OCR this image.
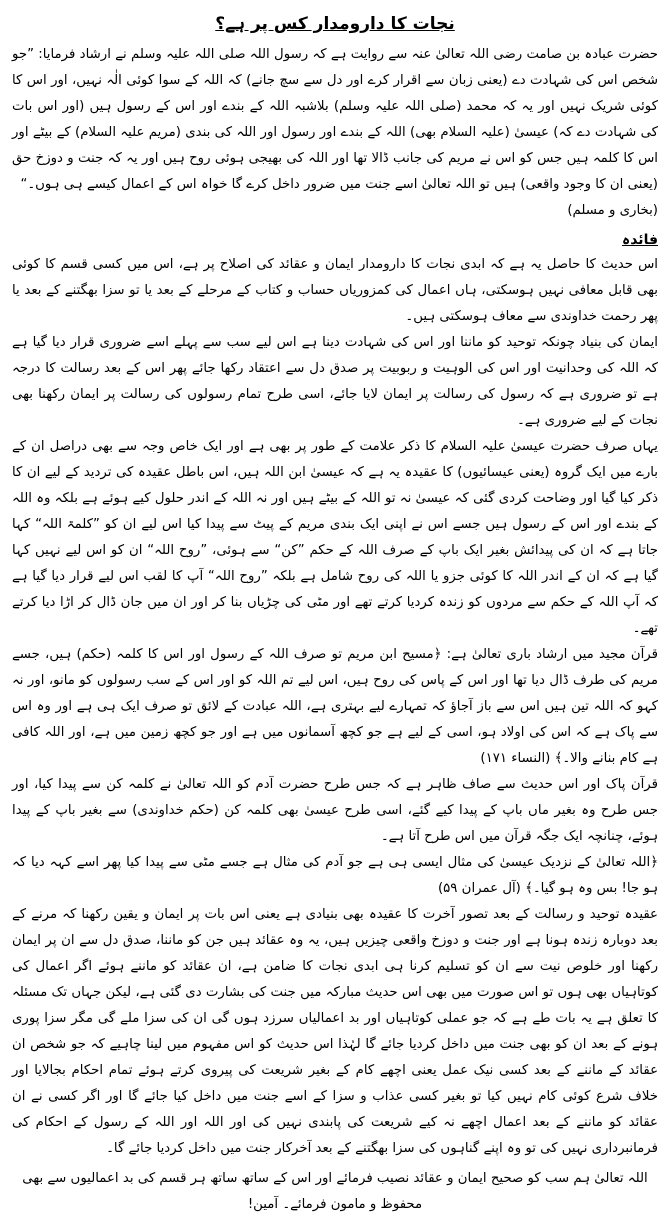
نجات کا دارومدار کس پر ہے؟

حضرت عبادہ بن صامت رضی اللہ تعالیٰ عنہ سے روایت ہے کہ رسول اللہ صلی اللہ علیہ وسلم نے ارشاد فرمایا: ”جو شخص اس کی شہادت دے (یعنی زبان سے اقرار کرے اور دل سے سچ جانے) کہ اللہ کے سوا کوئی الٰہ نہیں، اور اس کا کوئی شریک نہیں اور یہ کہ محمد (صلی اللہ علیہ وسلم) بلاشبہ اللہ کے بندے اور اس کے رسول ہیں (اور اس بات کی شہادت دے کہ) عیسیٰ (علیہ السلام بھی) اللہ کے بندے اور رسول اور اللہ کی بندی (مریم علیہ السلام) کے بیٹے اور اس کا کلمہ ہیں جس کو اس نے مریم کی جانب ڈالا تھا اور اللہ کی بھیجی ہوئی روح ہیں اور یہ کہ جنت و دوزخ حق (یعنی ان کا وجود واقعی) ہیں تو اللہ تعالیٰ اسے جنت میں ضرور داخل کرے گا خواہ اس کے اعمال کیسے ہی ہوں۔“

(بخاری و مسلم)

فائدہ

اس حدیث کا حاصل یہ ہے کہ ابدی نجات کا دارومدار ایمان و عقائد کی اصلاح پر ہے، اس میں کسی قسم کا کوئی بھی قابل معافی نہیں ہوسکتی، ہاں اعمال کی کمزوریاں حساب و کتاب کے مرحلے کے بعد یا تو سزا بھگتنے کے بعد یا پھر رحمت خداوندی سے معاف ہوسکتی ہیں۔

ایمان کی بنیاد چونکہ توحید کو ماننا اور اس کی شہادت دینا ہے اس لیے سب سے پہلے اسے ضروری قرار دیا گیا ہے کہ اللہ کی وحدانیت اور اس کی الوہیت و ربوبیت پر صدق دل سے اعتقاد رکھا جائے پھر اس کے بعد رسالت کا درجہ ہے تو ضروری ہے کہ رسول کی رسالت پر ایمان لایا جائے، اسی طرح تمام رسولوں کی رسالت پر ایمان رکھنا بھی نجات کے لیے ضروری ہے۔

یہاں صرف حضرت عیسیٰ علیہ السلام کا ذکر علامت کے طور پر بھی ہے اور ایک خاص وجہ سے بھی دراصل ان کے بارے میں ایک گروہ (یعنی عیسائیوں) کا عقیدہ یہ ہے کہ عیسیٰ ابن اللہ ہیں، اس باطل عقیدہ کی تردید کے لیے ان کا ذکر کیا گیا اور وضاحت کردی گئی کہ عیسیٰ نہ تو اللہ کے بیٹے ہیں اور نہ اللہ کے اندر حلول کیے ہوئے ہے بلکہ وہ اللہ کے بندے اور اس کے رسول ہیں جسے اس نے اپنی ایک بندی مریم کے پیٹ سے پیدا کیا اس لیے ان کو ”کلمۃ اللہ“ کہا جاتا ہے کہ ان کی پیدائش بغیر ایک باپ کے صرف اللہ کے حکم ”کن“ سے ہوئی، ”روح اللہ“ ان کو اس لیے نہیں کہا گیا ہے کہ ان کے اندر اللہ کا کوئی جزو یا اللہ کی روح شامل ہے بلکہ ”روح اللہ“ آپ کا لقب اس لیے قرار دیا گیا ہے کہ آپ اللہ کے حکم سے مردوں کو زندہ کردیا کرتے تھے اور مٹی کی چڑیاں بنا کر اور ان میں جان ڈال کر اڑا دیا کرتے تھے۔

قرآن مجید میں ارشاد باری تعالیٰ ہے: ﴿مسیح ابن مریم تو صرف اللہ کے رسول اور اس کا کلمہ (حکم) ہیں، جسے مریم کی طرف ڈال دیا تھا اور اس کے پاس کی روح ہیں، اس لیے تم اللہ کو اور اس کے سب رسولوں کو مانو، اور نہ کہو کہ اللہ تین ہیں اس سے باز آجاؤ کہ تمہارے لیے بہتری ہے، اللہ عبادت کے لائق تو صرف ایک ہی ہے اور وہ اس سے پاک ہے کہ اس کی اولاد ہو، اسی کے لیے ہے جو کچھ آسمانوں میں ہے اور جو کچھ زمین میں ہے، اور اللہ کافی ہے کام بنانے والا۔﴾ (النساء ۱۷۱)

قرآن پاک اور اس حدیث سے صاف ظاہر ہے کہ جس طرح حضرت آدم کو اللہ تعالیٰ نے کلمہ کن سے پیدا کیا، اور جس طرح وہ بغیر ماں باپ کے پیدا کیے گئے، اسی طرح عیسیٰ بھی کلمہ کن (حکم خداوندی) سے بغیر باپ کے پیدا ہوئے، چنانچہ ایک جگہ قرآن میں اس طرح آتا ہے۔

﴿اللہ تعالیٰ کے نزدیک عیسیٰ کی مثال ایسی ہی ہے جو آدم کی مثال ہے جسے مٹی سے پیدا کیا پھر اسے کہہ دیا کہ ہو جا! بس وہ ہو گیا۔﴾ (آل عمران ۵۹)

عقیدہ توحید و رسالت کے بعد تصور آخرت کا عقیدہ بھی بنیادی ہے یعنی اس بات پر ایمان و یقین رکھنا کہ مرنے کے بعد دوبارہ زندہ ہونا ہے اور جنت و دوزخ واقعی چیزیں ہیں، یہ وہ عقائد ہیں جن کو ماننا، صدق دل سے ان پر ایمان رکھنا اور خلوص نیت سے ان کو تسلیم کرنا ہی ابدی نجات کا ضامن ہے، ان عقائد کو ماننے ہوئے اگر اعمال کی کوتاہیاں بھی ہوں تو اس صورت میں بھی اس حدیث مبارکہ میں جنت کی بشارت دی گئی ہے، لیکن جہاں تک مسئلہ کا تعلق ہے یہ بات طے ہے کہ جو عملی کوتاہیاں اور بد اعمالیاں سرزد ہوں گی ان کی سزا ملے گی مگر سزا پوری ہونے کے بعد ان کو بھی جنت میں داخل کردیا جائے گا لہٰذا اس حدیث کو اس مفہوم میں لینا چاہیے کہ جو شخص ان عقائد کے ماننے کے بعد کسی نیک عمل یعنی اچھے کام کے بغیر شریعت کی پیروی کرتے ہوئے تمام احکام بجالایا اور خلاف شرع کوئی کام نہیں کیا تو بغیر کسی عذاب و سزا کے اسے جنت میں داخل کیا جائے گا اور اگر کسی نے ان عقائد کو ماننے کے بعد اعمال اچھے نہ کیے شریعت کی پابندی نہیں کی اور اللہ اور اللہ کے رسول کے احکام کی فرمانبرداری نہیں کی تو وہ اپنے گناہوں کی سزا بھگتنے کے بعد آخرکار جنت میں داخل کردیا جائے گا۔

اللہ تعالیٰ ہم سب کو صحیح ایمان و عقائد نصیب فرمائے اور اس کے ساتھ ساتھ ہر قسم کی بد اعمالیوں سے بھی محفوظ و مامون فرمائے۔ آمین!
